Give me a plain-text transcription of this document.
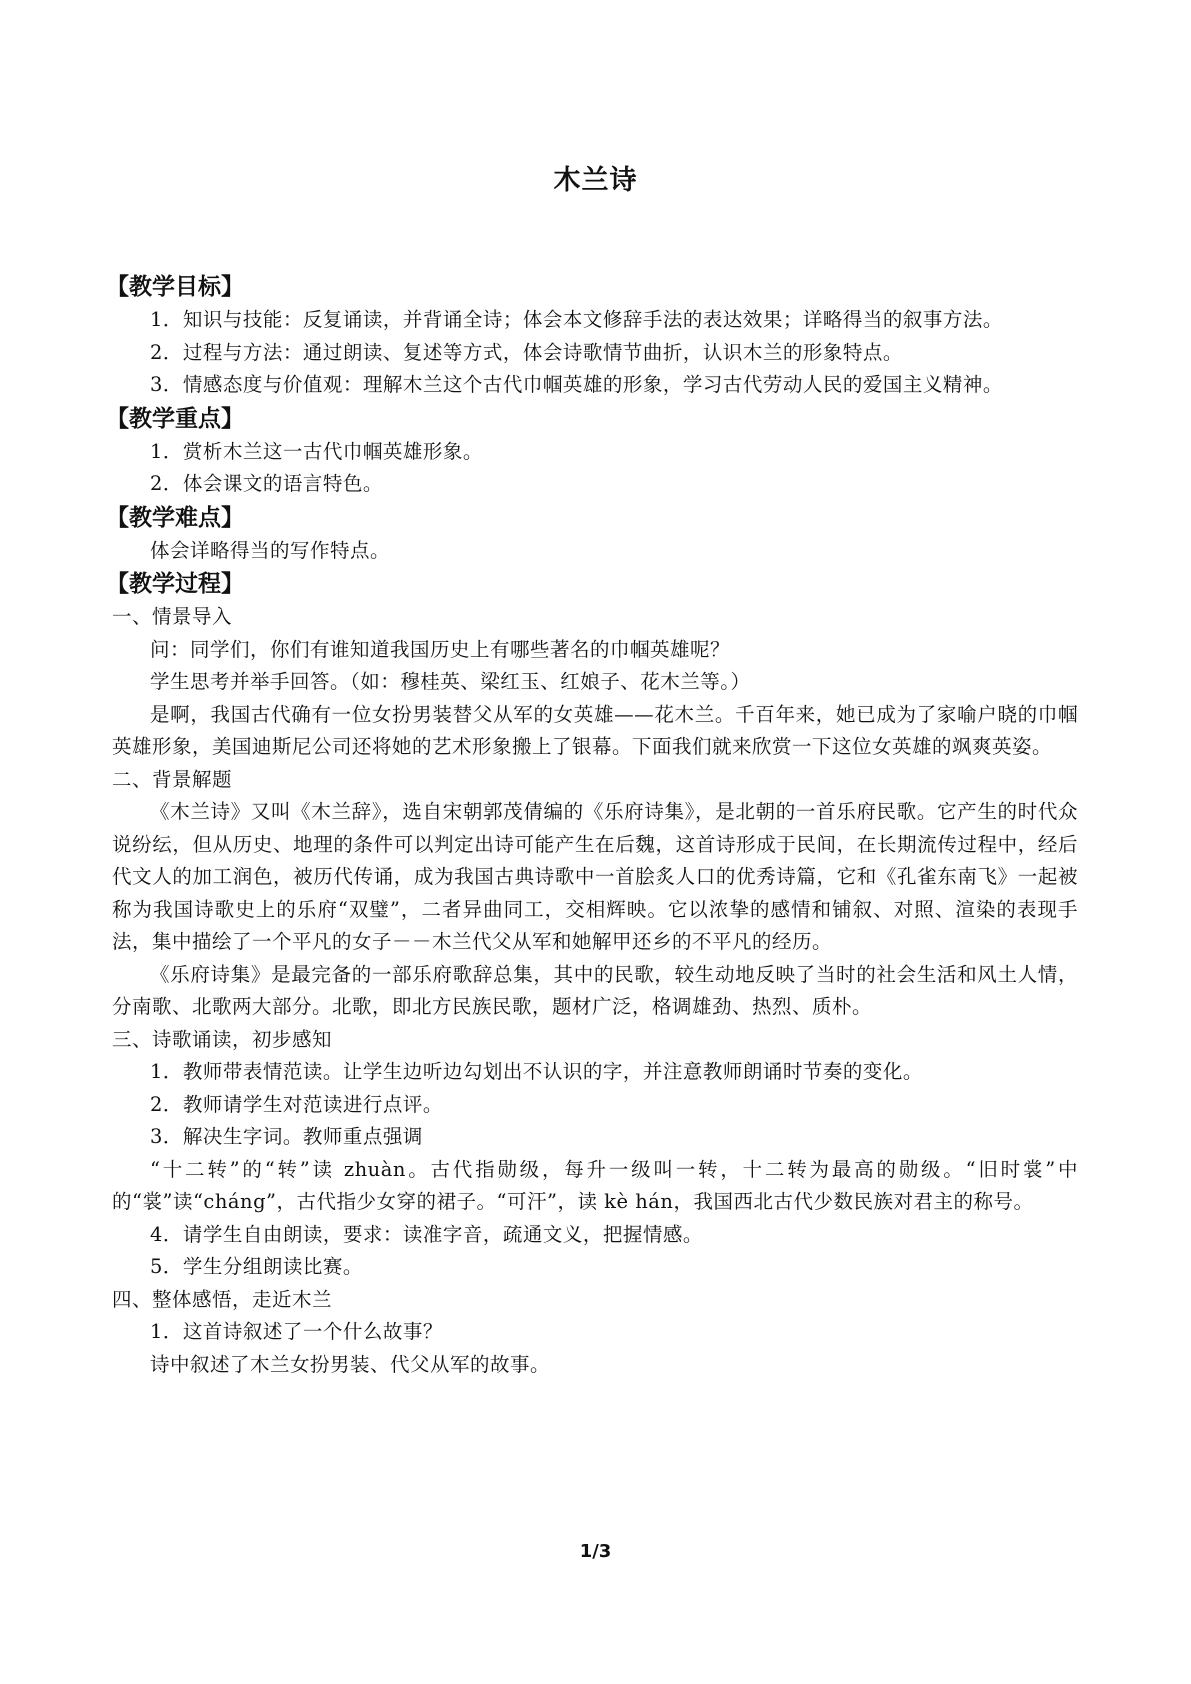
木兰诗
【教学目标】

1．知识与技能：反复诵读，并背诵全诗；体会本文修辞手法的表达效果；详略得当的叙事方法。

2．过程与方法：通过朗读、复述等方式，体会诗歌情节曲折，认识木兰的形象特点。

3．情感态度与价值观：理解木兰这个古代巾帼英雄的形象，学习古代劳动人民的爱国主义精神。

【教学重点】

1．赏析木兰这一古代巾帼英雄形象。

2．体会课文的语言特色。

【教学难点】

体会详略得当的写作特点。

【教学过程】

一、情景导入

问：同学们，你们有谁知道我国历史上有哪些著名的巾帼英雄呢？

学生思考并举手回答。（如：穆桂英、梁红玉、红娘子、花木兰等。）

是啊，我国古代确有一位女扮男装替父从军的女英雄——花木兰。千百年来，她已成为了家喻户晓的巾帼英雄形象，美国迪斯尼公司还将她的艺术形象搬上了银幕。下面我们就来欣赏一下这位女英雄的飒爽英姿。

二、背景解题

《木兰诗》又叫《木兰辞》，选自宋朝郭茂倩编的《乐府诗集》，是北朝的一首乐府民歌。它产生的时代众说纷纭，但从历史、地理的条件可以判定出诗可能产生在后魏，这首诗形成于民间，在长期流传过程中，经后代文人的加工润色，被历代传诵，成为我国古典诗歌中一首脍炙人口的优秀诗篇，它和《孔雀东南飞》一起被称为我国诗歌史上的乐府“双璧”，二者异曲同工，交相辉映。它以浓挚的感情和铺叙、对照、渲染的表现手法，集中描绘了一个平凡的女子－－木兰代父从军和她解甲还乡的不平凡的经历。

《乐府诗集》是最完备的一部乐府歌辞总集，其中的民歌，较生动地反映了当时的社会生活和风土人情，分南歌、北歌两大部分。北歌，即北方民族民歌，题材广泛，格调雄劲、热烈、质朴。

三、诗歌诵读，初步感知

1．教师带表情范读。让学生边听边勾划出不认识的字，并注意教师朗诵时节奏的变化。

2．教师请学生对范读进行点评。

3．解决生字词。教师重点强调

“十二转”的“转”读 zhuàn。古代指勋级，每升一级叫一转，十二转为最高的勋级。“旧时裳”中的“裳”读“cháng”，古代指少女穿的裙子。“可汗”，读 kè hán，我国西北古代少数民族对君主的称号。

4．请学生自由朗读，要求：读准字音，疏通文义，把握情感。

5．学生分组朗读比赛。

四、整体感悟，走近木兰

1．这首诗叙述了一个什么故事？

诗中叙述了木兰女扮男装、代父从军的故事。

1/3
